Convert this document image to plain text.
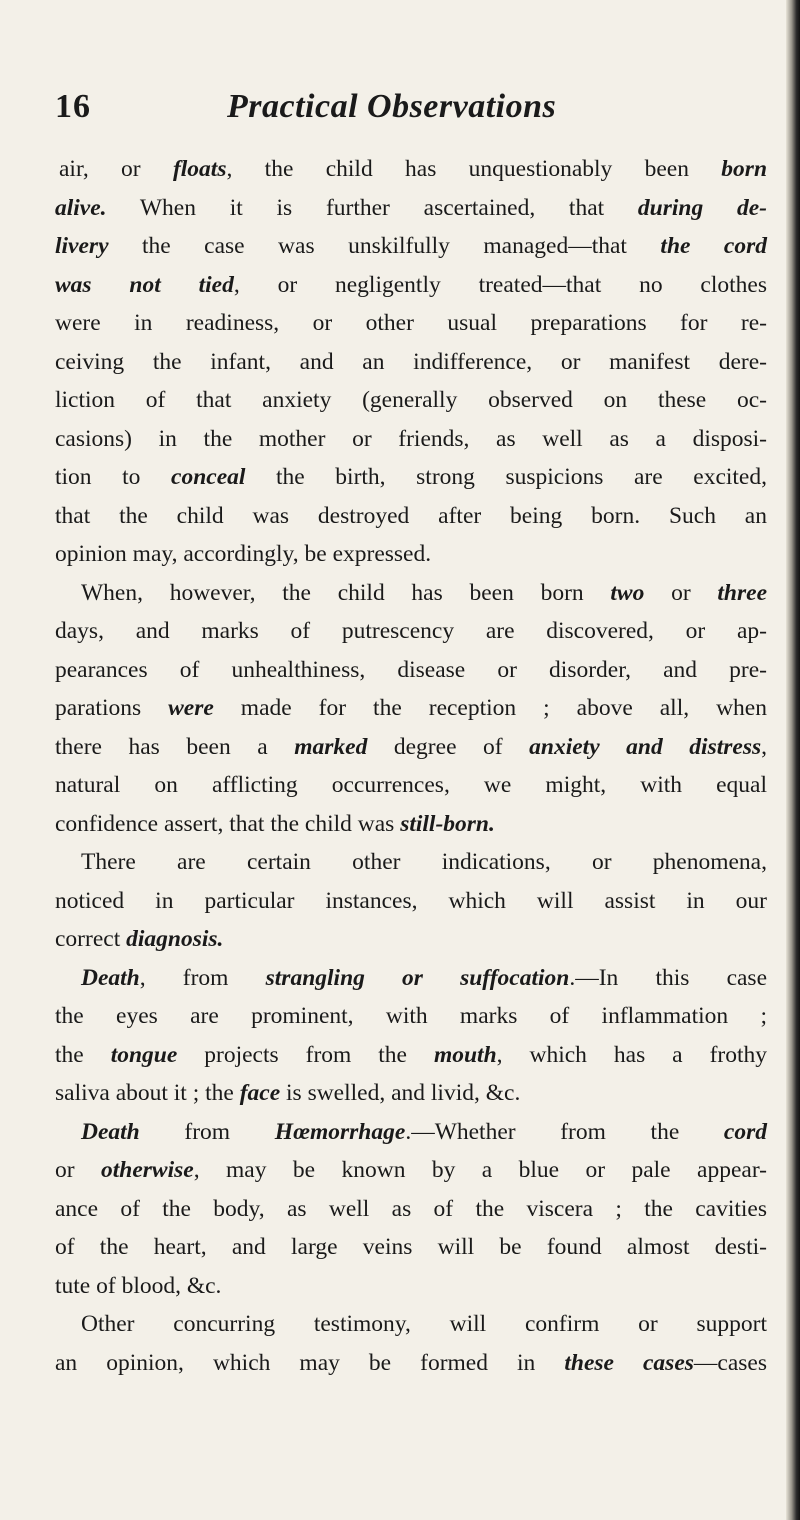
16	Practical Observations
air, or floats, the child has unquestionably been born
alive. When it is further ascertained, that during de-
livery the case was unskilfully managed—that the cord
was not tied, or negligently treated—that no clothes
were in readiness, or other usual preparations for re-
ceiving the infant, and an indifference, or manifest dere-
liction of that anxiety (generally observed on these oc-
casions) in the mother or friends, as well as a disposi-
tion to conceal the birth, strong suspicions are excited,
that the child was destroyed after being born. Such an
opinion may, accordingly, be expressed.
When, however, the child has been born two or three
days, and marks of putrescency are discovered, or ap-
pearances of unhealthiness, disease or disorder, and pre-
parations were made for the reception ; above all, when
there has been a marked degree of anxiety and distress,
natural on afflicting occurrences, we might, with equal
confidence assert, that the child was still-born.
There are certain other indications, or phenomena,
noticed in particular instances, which will assist in our
correct diagnosis.
Death, from strangling or suffocation.—In this case
the eyes are prominent, with marks of inflammation ;
the tongue projects from the mouth, which has a frothy
saliva about it ; the face is swelled, and livid, &c.
Death from Hœmorrhage.—Whether from the cord
or otherwise, may be known by a blue or pale appear-
ance of the body, as well as of the viscera ; the cavities
of the heart, and large veins will be found almost desti-
tute of blood, &c.
Other concurring testimony, will confirm or support
an opinion, which may be formed in these cases—cases
